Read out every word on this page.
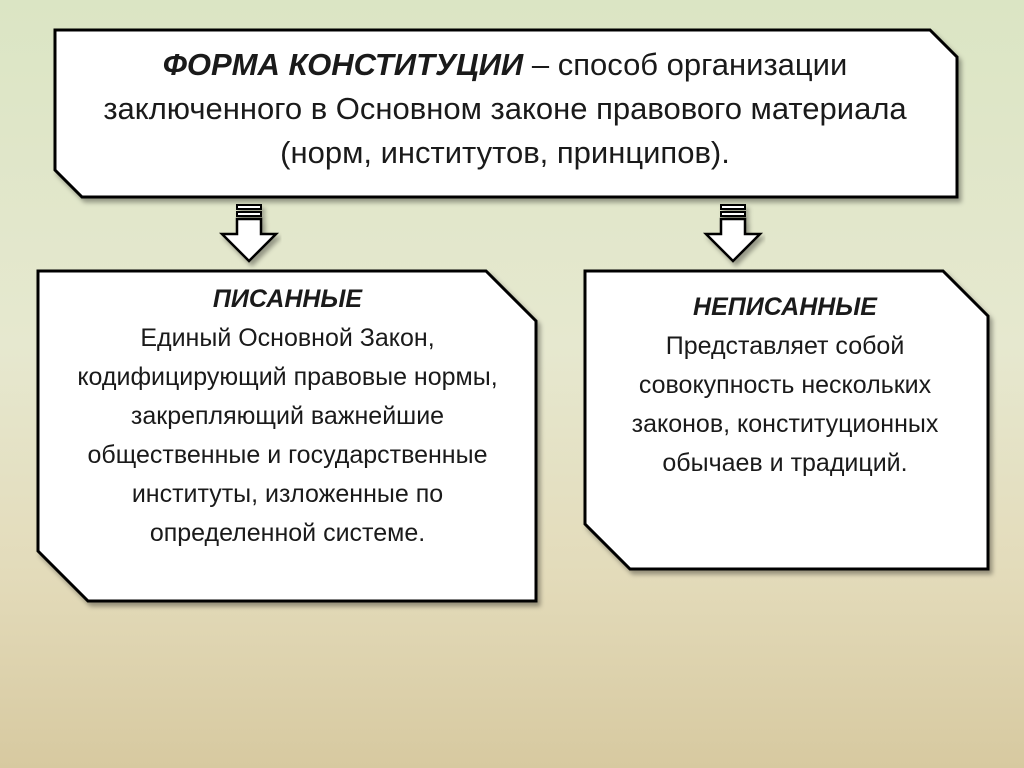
ФОРМА КОНСТИТУЦИИ – способ организации заключенного в Основном законе правового материала (норм, институтов, принципов).
ПИСАННЫЕ
Единый Основной Закон, кодифицирующий правовые нормы, закрепляющий важнейшие общественные и государственные институты, изложенные по определенной системе.
НЕПИСАННЫЕ
Представляет собой совокупность нескольких законов, конституционных обычаев и традиций.
